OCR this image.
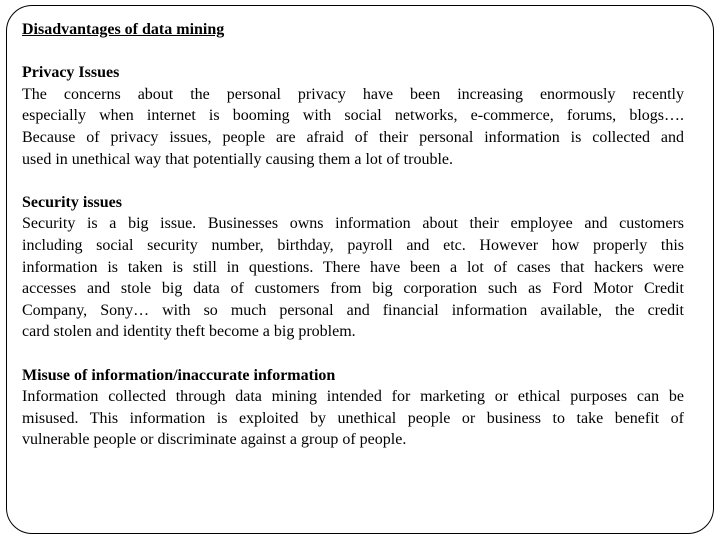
Disadvantages of data mining
Privacy Issues
The concerns about the personal privacy have been increasing enormously recently
especially when internet is booming with social networks, e-commerce, forums, blogs….
Because of privacy issues, people are afraid of their personal information is collected and
used in unethical way that potentially causing them a lot of trouble.
Security issues
Security is a big issue. Businesses owns information about their employee and customers
including social security number, birthday, payroll and etc. However how properly this
information is taken is still in questions. There have been a lot of cases that hackers were
accesses and stole big data of customers from big corporation such as Ford Motor Credit
Company, Sony… with so much personal and financial information available, the credit
card stolen and identity theft become a big problem.
Misuse of information/inaccurate information
Information collected through data mining intended for marketing or ethical purposes can be
misused. This information is exploited by unethical people or business to take benefit of
vulnerable people or discriminate against a group of people.
